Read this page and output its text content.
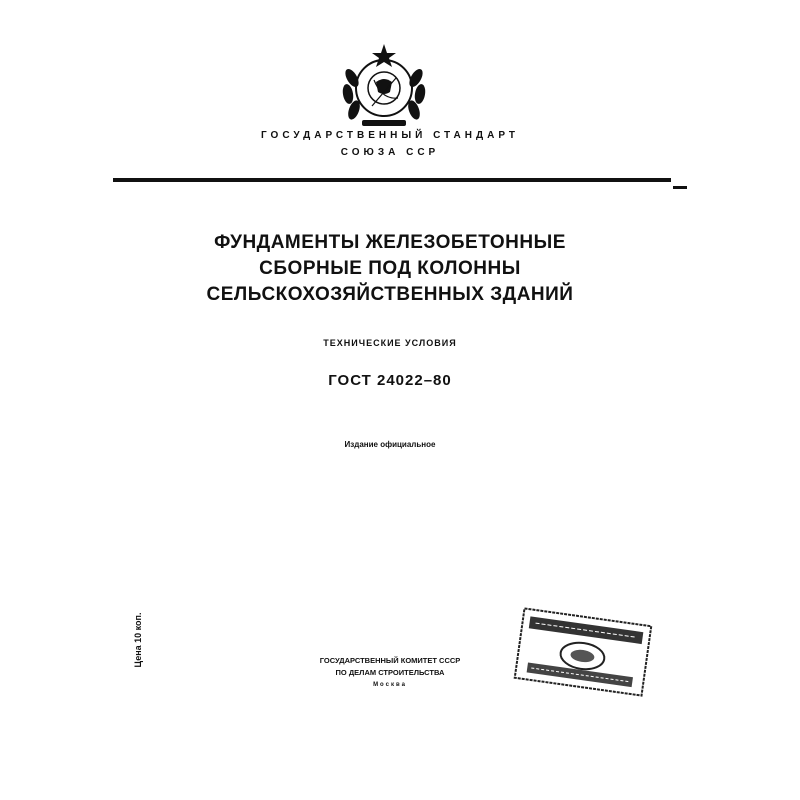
ГОСУДАРСТВЕННЫЙ СТАНДАРТ
СОЮЗА ССР
ФУНДАМЕНТЫ ЖЕЛЕЗОБЕТОННЫЕ
СБОРНЫЕ ПОД КОЛОННЫ
СЕЛЬСКОХОЗЯЙСТВЕННЫХ ЗДАНИЙ
ТЕХНИЧЕСКИЕ УСЛОВИЯ
ГОСТ 24022–80
Издание официальное
Цена 10 коп.	ГОСУДАРСТВЕННЫЙ КОМИТЕТ СССР
ПО ДЕЛАМ СТРОИТЕЛЬСТВА
Москва
